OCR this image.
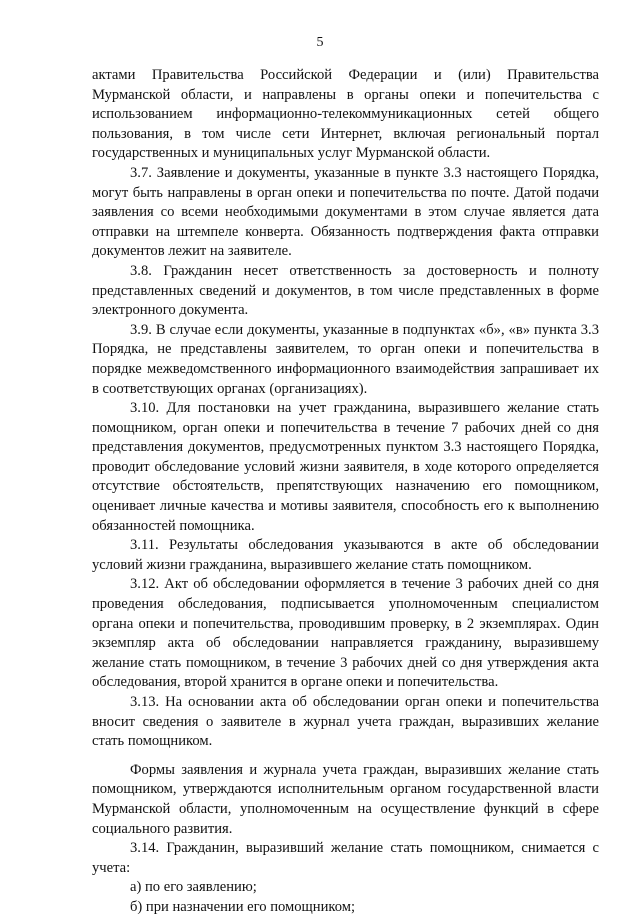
5

актами Правительства Российской Федерации и (или) Правительства Мурманской области, и направлены в органы опеки и попечительства с использованием информационно-телекоммуникационных сетей общего пользования, в том числе сети Интернет, включая региональный портал государственных и муниципальных услуг Мурманской области.

3.7. Заявление и документы, указанные в пункте 3.3 настоящего Порядка, могут быть направлены в орган опеки и попечительства по почте. Датой подачи заявления со всеми необходимыми документами в этом случае является дата отправки на штемпеле конверта. Обязанность подтверждения факта отправки документов лежит на заявителе.

3.8. Гражданин несет ответственность за достоверность и полноту представленных сведений и документов, в том числе представленных в форме электронного документа.

3.9. В случае если документы, указанные в подпунктах «б», «в» пункта 3.3 Порядка, не представлены заявителем, то орган опеки и попечительства в порядке межведомственного информационного взаимодействия запрашивает их в соответствующих органах (организациях).

3.10. Для постановки на учет гражданина, выразившего желание стать помощником, орган опеки и попечительства в течение 7 рабочих дней со дня представления документов, предусмотренных пунктом 3.3 настоящего Порядка, проводит обследование условий жизни заявителя, в ходе которого определяется отсутствие обстоятельств, препятствующих назначению его помощником, оценивает личные качества и мотивы заявителя, способность его к выполнению обязанностей помощника.

3.11. Результаты обследования указываются в акте об обследовании условий жизни гражданина, выразившего желание стать помощником.

3.12. Акт об обследовании оформляется в течение 3 рабочих дней со дня проведения обследования, подписывается уполномоченным специалистом органа опеки и попечительства, проводившим проверку, в 2 экземплярах. Один экземпляр акта об обследовании направляется гражданину, выразившему желание стать помощником, в течение 3 рабочих дней со дня утверждения акта обследования, второй хранится в органе опеки и попечительства.

3.13. На основании акта об обследовании орган опеки и попечительства вносит сведения о заявителе в журнал учета граждан, выразивших желание стать помощником.

Формы заявления и журнала учета граждан, выразивших желание стать помощником, утверждаются исполнительным органом государственной власти Мурманской области, уполномоченным на осуществление функций в сфере социального развития.

3.14. Гражданин, выразивший желание стать помощником, снимается с учета:

а) по его заявлению;

б) при назначении его помощником;
